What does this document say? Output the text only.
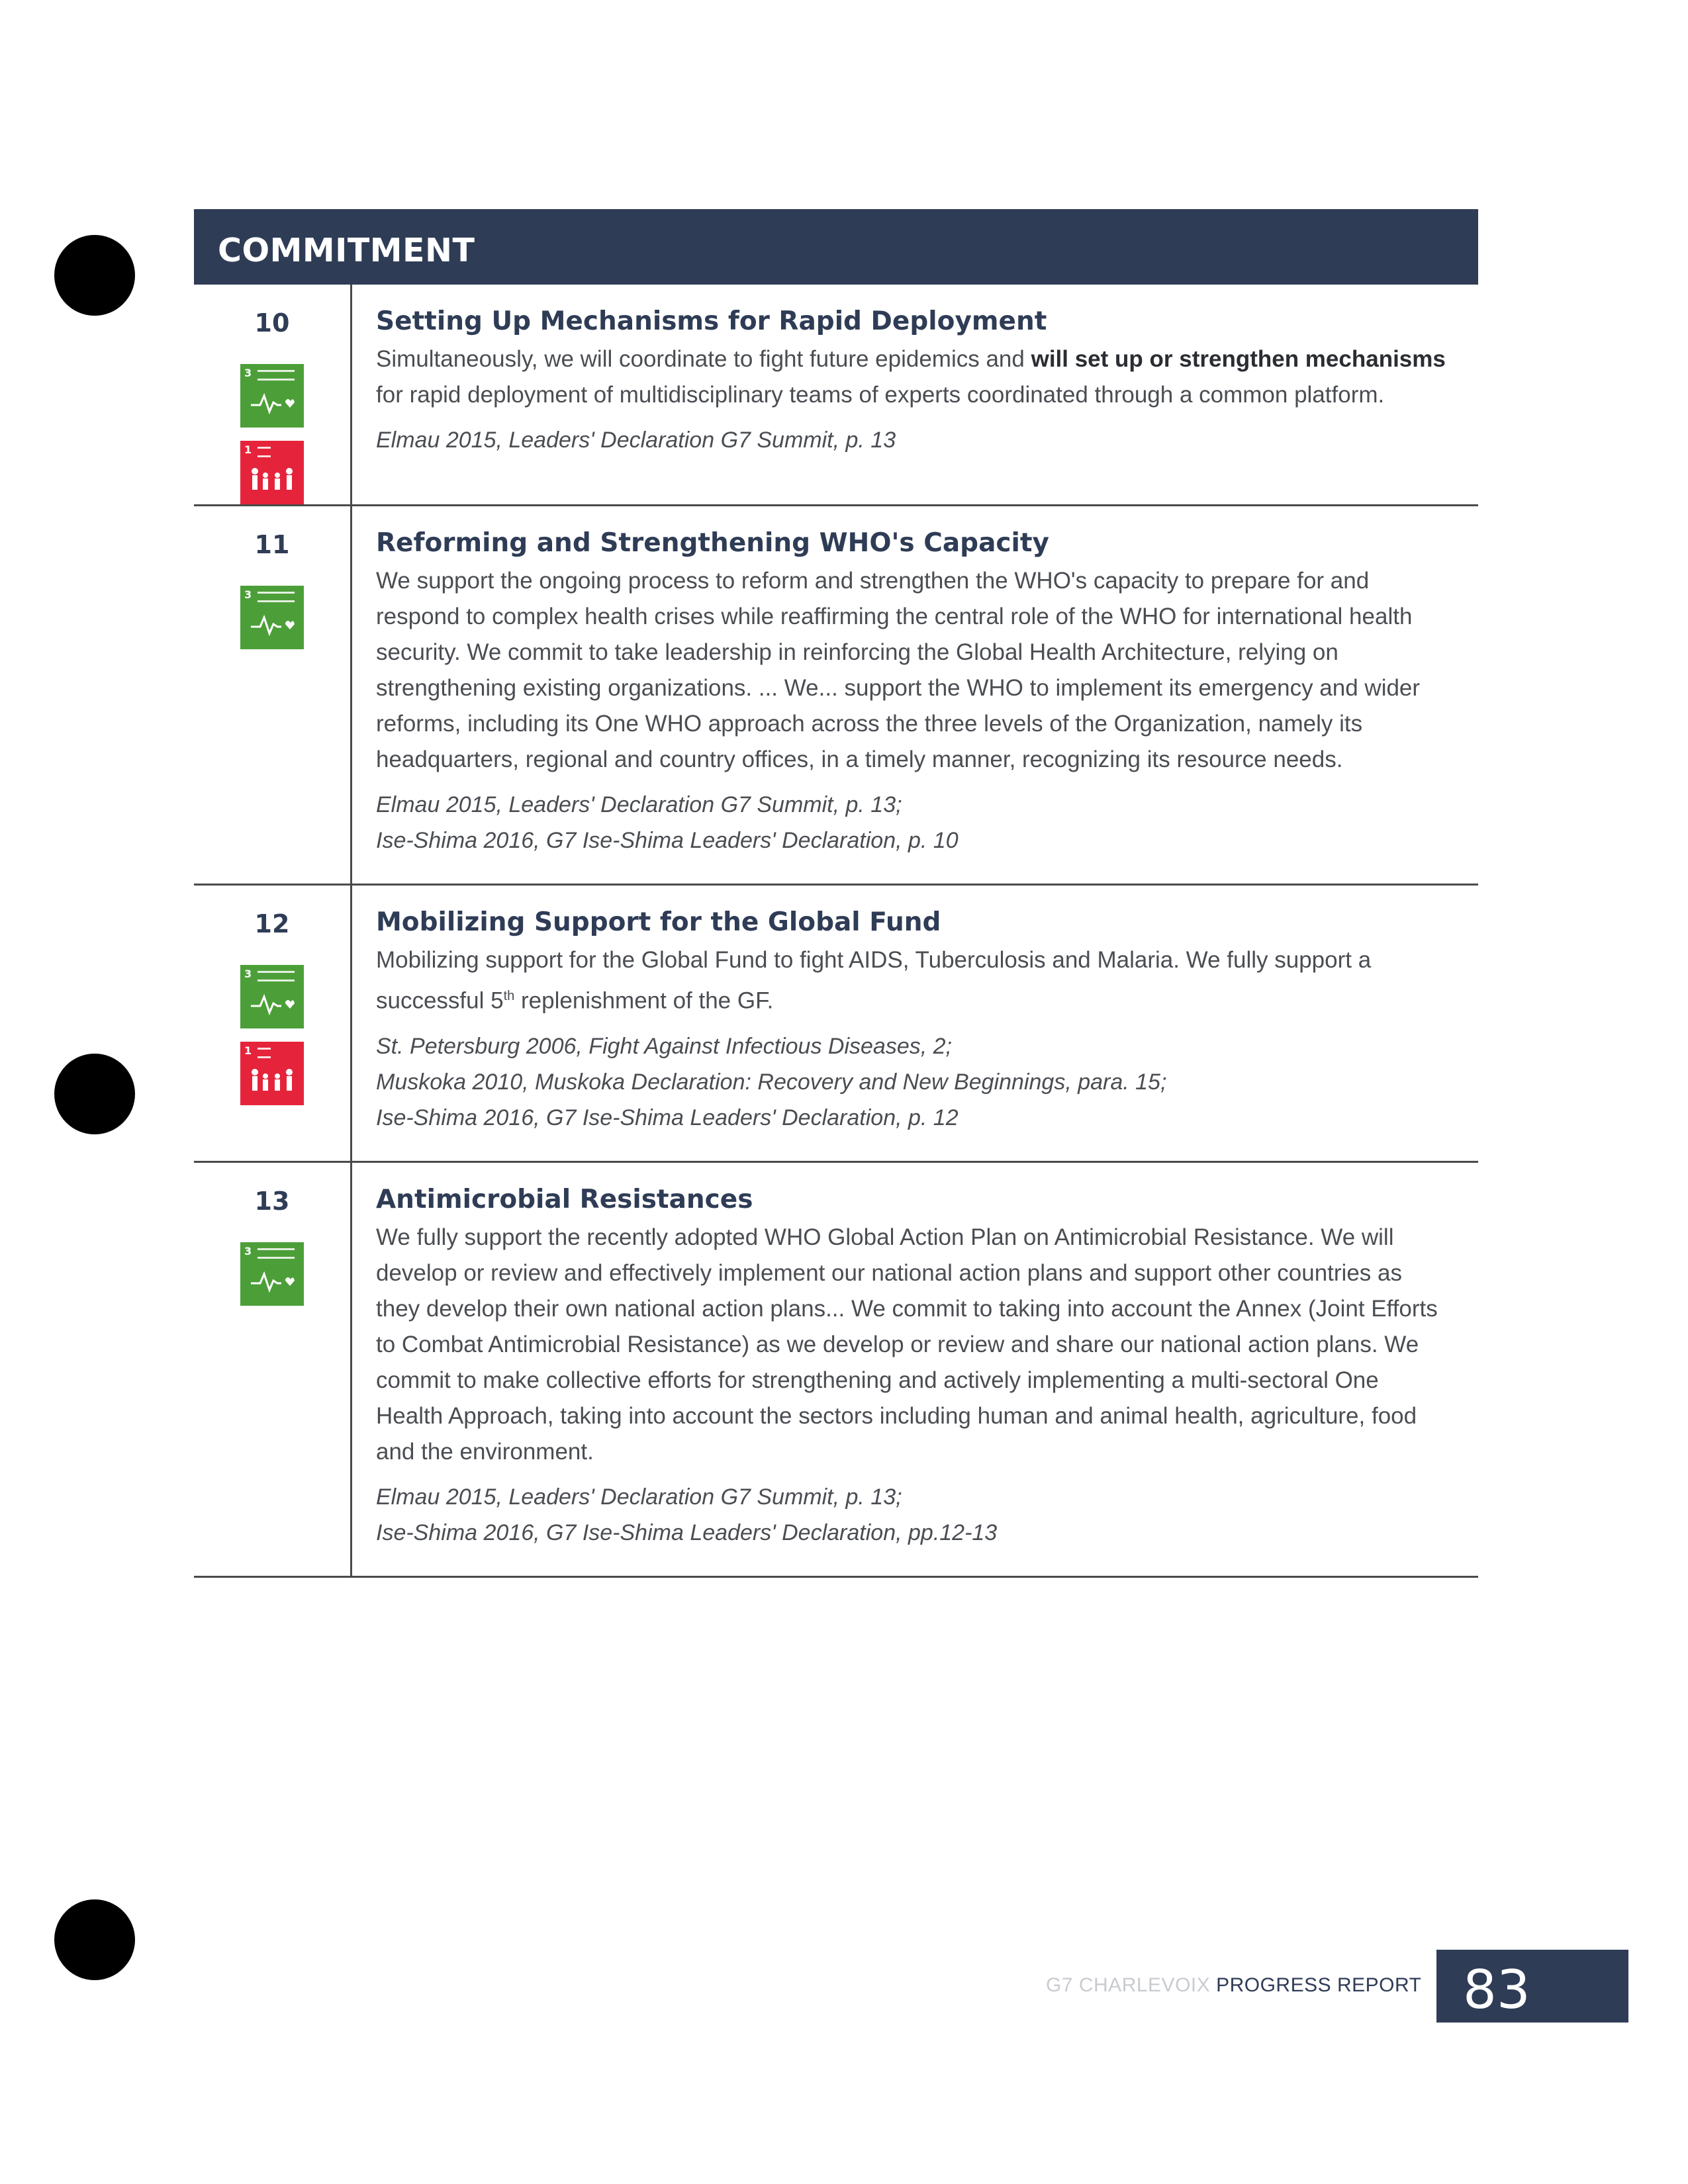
COMMITMENT
10
3
1
Setting Up Mechanisms for Rapid Deployment
Simultaneously, we will coordinate to fight future epidemics and will set up or strengthen mechanisms for rapid deployment of multidisciplinary teams of experts coordinated through a common platform.
Elmau 2015, Leaders' Declaration G7 Summit, p. 13
11
3
Reforming and Strengthening WHO's Capacity
We support the ongoing process to reform and strengthen the WHO's capacity to prepare for and respond to complex health crises while reaffirming the central role of the WHO for international health security. We commit to take leadership in reinforcing the Global Health Architecture, relying on strengthening existing organizations. ... We... support the WHO to implement its emergency and wider reforms, including its One WHO approach across the three levels of the Organization, namely its headquarters, regional and country offices, in a timely manner, recognizing its resource needs.
Elmau 2015, Leaders' Declaration G7 Summit, p. 13;
Ise-Shima 2016, G7 Ise-Shima Leaders' Declaration, p. 10
12
3
1
Mobilizing Support for the Global Fund
Mobilizing support for the Global Fund to fight AIDS, Tuberculosis and Malaria. We fully support a successful 5th replenishment of the GF.
St. Petersburg 2006, Fight Against Infectious Diseases, 2;
Muskoka 2010, Muskoka Declaration: Recovery and New Beginnings, para. 15;
Ise-Shima 2016, G7 Ise-Shima Leaders' Declaration, p. 12
13
3
Antimicrobial Resistances
We fully support the recently adopted WHO Global Action Plan on Antimicrobial Resistance. We will develop or review and effectively implement our national action plans and support other countries as they develop their own national action plans... We commit to taking into account the Annex (Joint Efforts to Combat Antimicrobial Resistance) as we develop or review and share our national action plans. We commit to make collective efforts for strengthening and actively implementing a multi-sectoral One Health Approach, taking into account the sectors including human and animal health, agriculture, food and the environment.
Elmau 2015, Leaders' Declaration G7 Summit, p. 13;
Ise-Shima 2016, G7 Ise-Shima Leaders' Declaration, pp.12-13
G7 CHARLEVOIX PROGRESS REPORT 83
